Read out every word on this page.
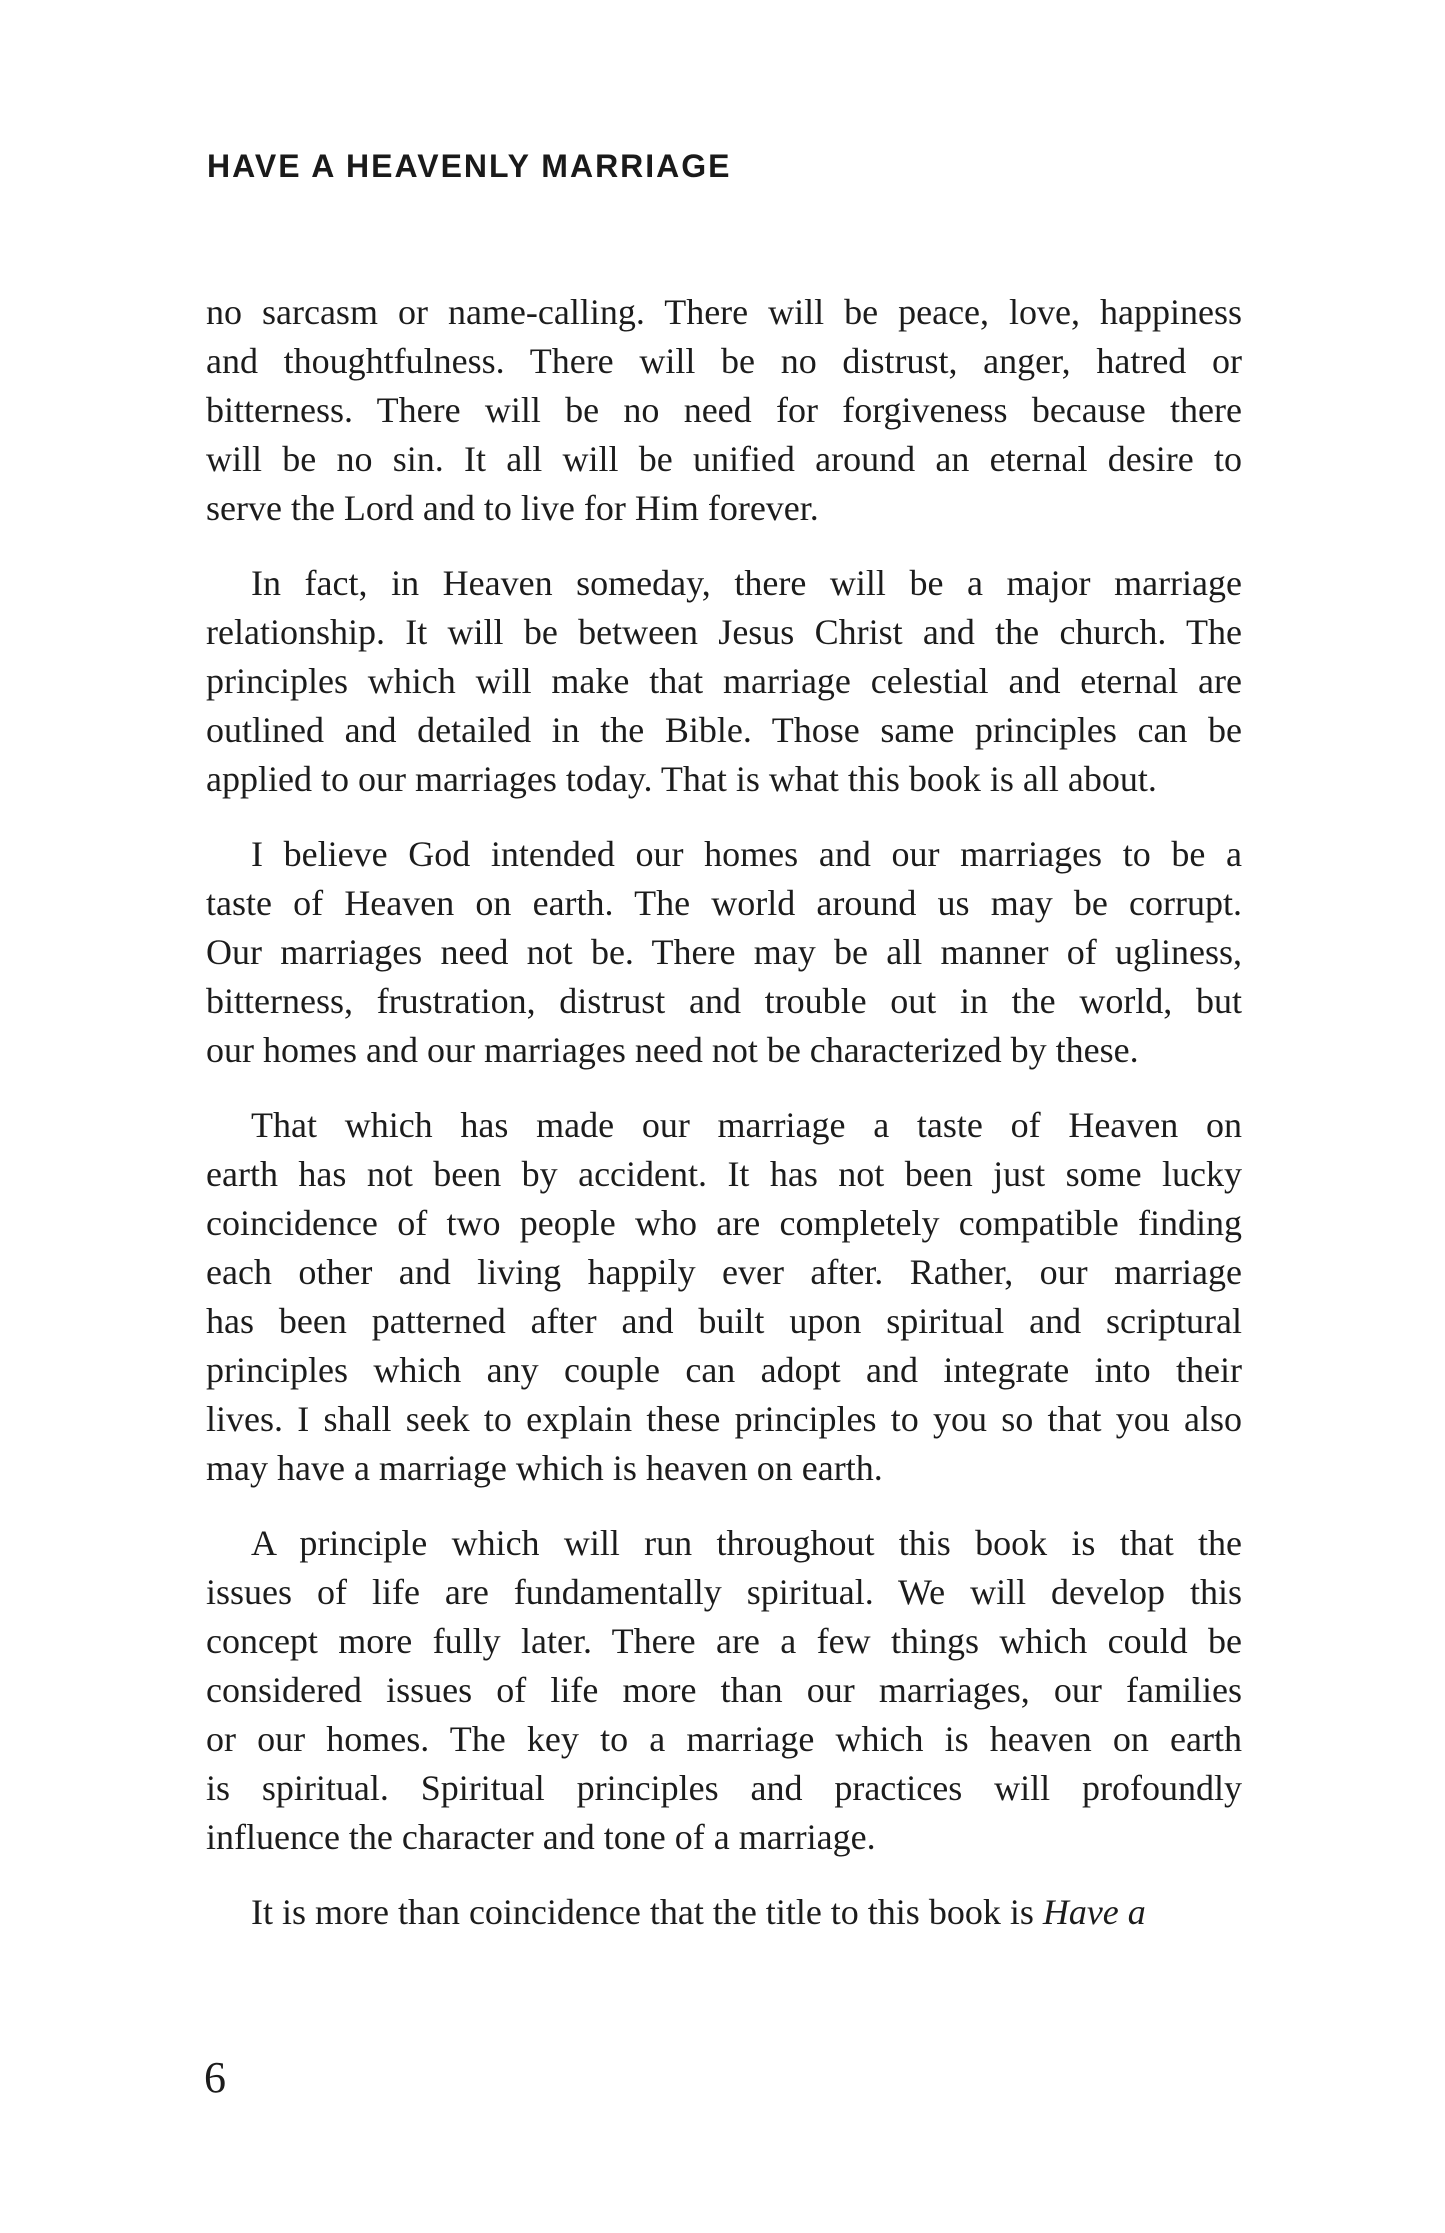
HAVE A HEAVENLY MARRIAGE
no sarcasm or name-calling. There will be peace, love, happiness
and thoughtfulness. There will be no distrust, anger, hatred or
bitterness. There will be no need for forgiveness because there
will be no sin. It all will be unified around an eternal desire to
serve the Lord and to live for Him forever.
In fact, in Heaven someday, there will be a major marriage
relationship. It will be between Jesus Christ and the church. The
principles which will make that marriage celestial and eternal are
outlined and detailed in the Bible. Those same principles can be
applied to our marriages today. That is what this book is all about.
I believe God intended our homes and our marriages to be a
taste of Heaven on earth. The world around us may be corrupt.
Our marriages need not be. There may be all manner of ugliness,
bitterness, frustration, distrust and trouble out in the world, but
our homes and our marriages need not be characterized by these.
That which has made our marriage a taste of Heaven on
earth has not been by accident. It has not been just some lucky
coincidence of two people who are completely compatible finding
each other and living happily ever after. Rather, our marriage
has been patterned after and built upon spiritual and scriptural
principles which any couple can adopt and integrate into their
lives. I shall seek to explain these principles to you so that you also
may have a marriage which is heaven on earth.
A principle which will run throughout this book is that the
issues of life are fundamentally spiritual. We will develop this
concept more fully later. There are a few things which could be
considered issues of life more than our marriages, our families
or our homes. The key to a marriage which is heaven on earth
is spiritual. Spiritual principles and practices will profoundly
influence the character and tone of a marriage.
It is more than coincidence that the title to this book is Have a
6
